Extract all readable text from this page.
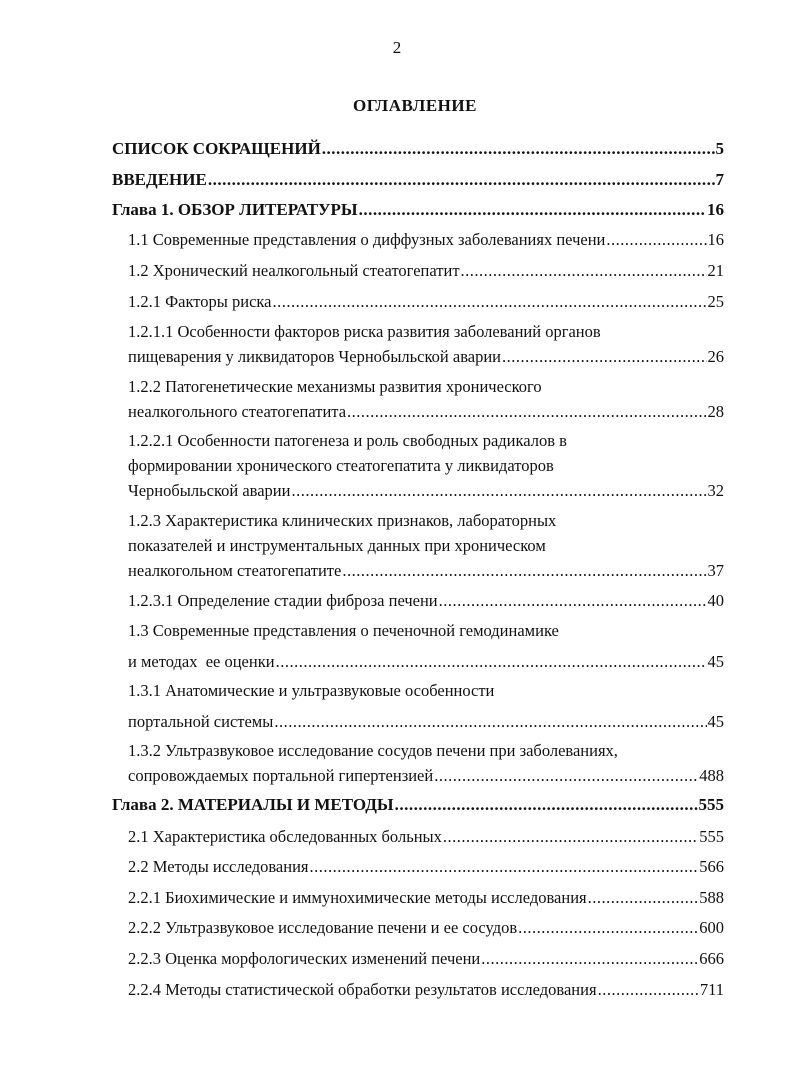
2
ОГЛАВЛЕНИЕ
СПИСОК СОКРАЩЕНИЙ .....	5
ВВЕДЕНИЕ .....	7
Глава 1. ОБЗОР ЛИТЕРАТУРЫ .....	16
1.1 Современные представления о диффузных заболеваниях печени .....	16
1.2 Хронический неалкогольный стеатогепатит .....	21
1.2.1 Факторы риска .....	25
1.2.1.1 Особенности факторов риска развития заболеваний органов
пищеварения у ликвидаторов Чернобыльской аварии .....	26
1.2.2 Патогенетические механизмы развития хронического
неалкогольного стеатогепатита .....	28
1.2.2.1 Особенности патогенеза и роль свободных радикалов в
формировании хронического стеатогепатита у ликвидаторов
Чернобыльской аварии .....	32
1.2.3 Характеристика клинических признаков, лабораторных
показателей и инструментальных данных при хроническом
неалкогольном стеатогепатите .....	37
1.2.3.1 Определение стадии фиброза печени .....	40
1.3 Современные представления о печеночной гемодинамике
и методах  ее оценки .....	45
1.3.1 Анатомические и ультразвуковые особенности
портальной системы .....	45
1.3.2 Ультразвуковое исследование сосудов печени при заболеваниях,
сопровождаемых портальной гипертензией .....	488
Глава 2. МАТЕРИАЛЫ И МЕТОДЫ .....	555
2.1 Характеристика обследованных больных .....	555
2.2 Методы исследования .....	566
2.2.1 Биохимические и иммунохимические методы исследования .....	588
2.2.2 Ультразвуковое исследование печени и ее сосудов .....	600
2.2.3 Оценка морфологических изменений печени .....	666
2.2.4 Методы статистической обработки результатов исследования .....	711
